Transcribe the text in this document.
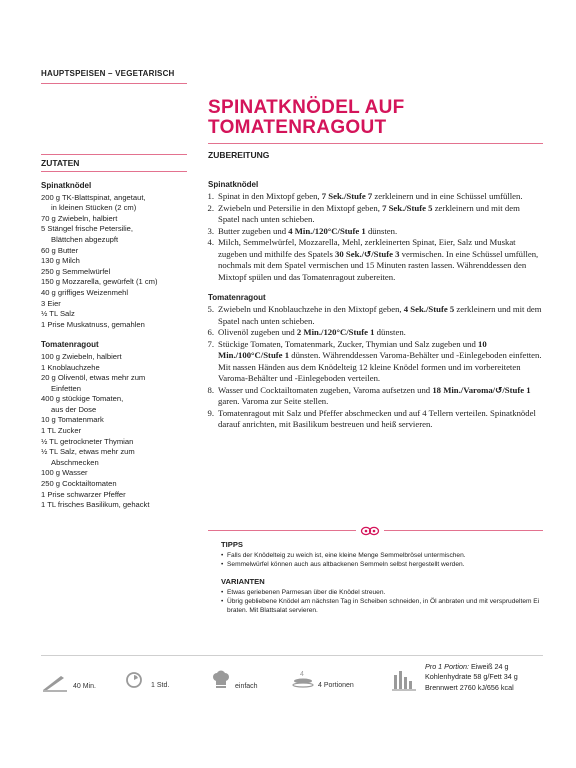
HAUPTSPEISEN – VEGETARISCH
SPINATKNÖDEL AUF
TOMATENRAGOUT
ZUTATEN
Spinatknödel
200 g TK-Blattspinat, angetaut,
in kleinen Stücken (2 cm)
70 g Zwiebeln, halbiert
5 Stängel frische Petersilie,
Blättchen abgezupft
60 g Butter
130 g Milch
250 g Semmelwürfel
150 g Mozzarella, gewürfelt (1 cm)
40 g griffiges Weizenmehl
3 Eier
½ TL Salz
1 Prise Muskatnuss, gemahlen
Tomatenragout
100 g Zwiebeln, halbiert
1 Knoblauchzehe
20 g Olivenöl, etwas mehr zum
Einfetten
400 g stückige Tomaten,
aus der Dose
10 g Tomatenmark
1 TL Zucker
½ TL getrockneter Thymian
½ TL Salz, etwas mehr zum
Abschmecken
100 g Wasser
250 g Cocktailtomaten
1 Prise schwarzer Pfeffer
1 TL frisches Basilikum, gehackt
ZUBEREITUNG
Spinatknödel
1. Spinat in den Mixtopf geben, 7 Sek./Stufe 7 zerkleinern und in eine Schüssel umfüllen.
2. Zwiebeln und Petersilie in den Mixtopf geben, 7 Sek./Stufe 5 zerkleinern und mit dem Spatel nach unten schieben.
3. Butter zugeben und 4 Min./120°C/Stufe 1 dünsten.
4. Milch, Semmelwürfel, Mozzarella, Mehl, zerkleinerten Spinat, Eier, Salz und Muskat zugeben und mithilfe des Spatels 30 Sek./↺/Stufe 3 vermischen. In eine Schüssel umfüllen, nochmals mit dem Spatel vermischen und 15 Minuten rasten lassen. Währenddessen den Mixtopf spülen und das Tomatenragout zubereiten.
Tomatenragout
5. Zwiebeln und Knoblauchzehe in den Mixtopf geben, 4 Sek./Stufe 5 zerkleinern und mit dem Spatel nach unten schieben.
6. Olivenöl zugeben und 2 Min./120°C/Stufe 1 dünsten.
7. Stückige Tomaten, Tomatenmark, Zucker, Thymian und Salz zugeben und 10 Min./100°C/Stufe 1 dünsten. Währenddessen Varoma-Behälter und -Einlegeboden einfetten. Mit nassen Händen aus dem Knödelteig 12 kleine Knödel formen und im vorbereiteten Varoma-Behälter und -Einlegeboden verteilen.
8. Wasser und Cocktailtomaten zugeben, Varoma aufsetzen und 18 Min./Varoma/↺/Stufe 1 garen. Varoma zur Seite stellen.
9. Tomatenragout mit Salz und Pfeffer abschmecken und auf 4 Tellern verteilen. Spinatknödel darauf anrichten, mit Basilikum bestreuen und heiß servieren.
TIPPS
• Falls der Knödelteig zu weich ist, eine kleine Menge Semmelbrösel untermischen.
• Semmelwürfel können auch aus altbackenen Semmeln selbst hergestellt werden.
VARIANTEN
• Etwas geriebenen Parmesan über die Knödel streuen.
• Übrig gebliebene Knödel am nächsten Tag in Scheiben schneiden, in Öl anbraten und mit versprudeltem Ei braten. Mit Blattsalat servieren.
40 Min.	1 Std.	einfach
4
4 Portionen
Pro 1 Portion: Eiweiß 24 g
Kohlenhydrate 58 g/Fett 34 g
Brennwert 2760 kJ/656 kcal
